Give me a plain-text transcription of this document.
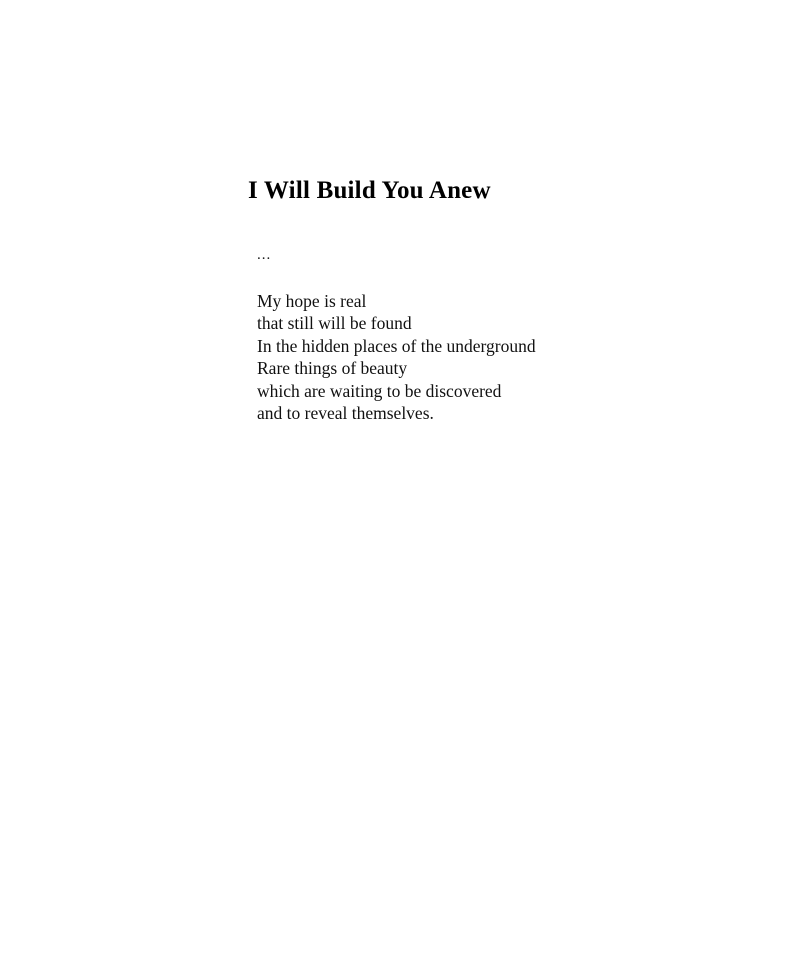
I Will Build You Anew
...
My hope is real
that still will be found
In the hidden places of the underground
Rare things of beauty
which are waiting to be discovered
and to reveal themselves.
